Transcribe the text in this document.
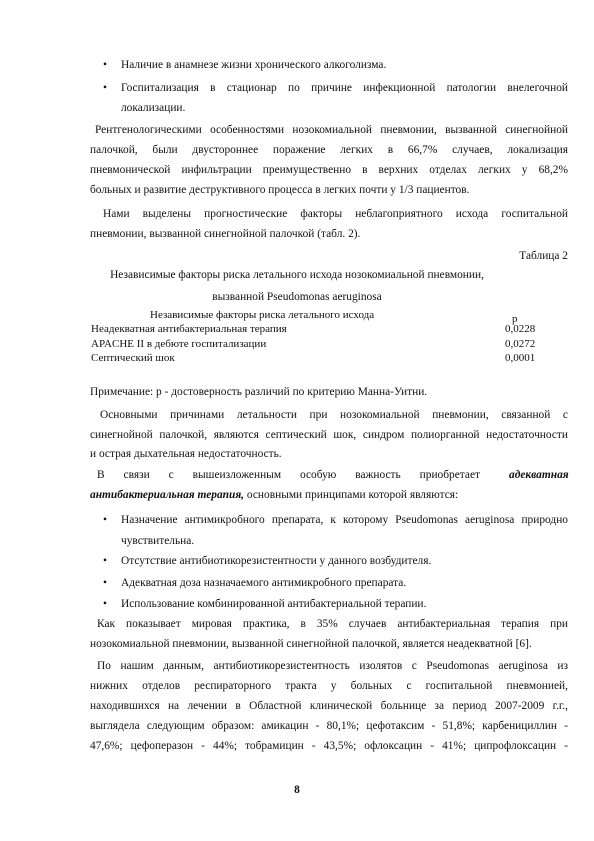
• Наличие в анамнезе жизни хронического алкоголизма.
• Госпитализация в стационар по причине инфекционной патологии внелегочной
локализации.
Рентгенологическими особенностями нозокомиальной пневмонии, вызванной синегнойной
палочкой, были двустороннее поражение легких в 66,7% случаев, локализация
пневмонической инфильтрации преимущественно в верхних отделах легких у 68,2%
больных и развитие деструктивного процесса в легких почти у 1/3 пациентов.
Нами выделены прогностические факторы неблагоприятного исхода госпитальной
пневмонии, вызванной синегнойной палочкой (табл. 2).
Таблица 2
Независимые факторы риска летального исхода нозокомиальной пневмонии,
вызванной Pseudomonas aeruginosa
Независимые факторы риска летального исхода	p
Неадекватная антибактериальная терапия	0,0228
APACHE II в дебюте госпитализации	0,0272
Септический шок	0,0001
Примечание: р - достоверность различий по критерию Манна-Уитни.
Основными причинами летальности при нозокомиальной пневмонии, связанной с
синегнойной палочкой, являются септический шок, синдром полиорганной недостаточности
и острая дыхательная недостаточность.
В связи с вышеизложенным особую важность приобретает	адекватная
антибактериальная терапия, основными принципами которой являются:
• Назначение антимикробного препарата, к которому Pseudomonas aeruginosa природно
чувствительна.
• Отсутствие антибиотикорезистентности у данного возбудителя.
• Адекватная доза назначаемого антимикробного препарата.
• Использование комбинированной антибактериальной терапии.
Как показывает мировая практика, в 35% случаев антибактериальная терапия при
нозокомиальной пневмонии, вызванной синегнойной палочкой, является неадекватной [6].
По нашим данным, антибиотикорезистентность изолятов с Pseudomonas aeruginosa из
нижних отделов респираторного тракта у больных с госпитальной пневмонией,
находившихся на лечении в Областной клинической больнице за период 2007-2009 г.г.,
выглядела следующим образом: амикацин - 80,1%; цефотаксим - 51,8%; карбенициллин -
47,6%; цефоперазон - 44%; тобрамицин - 43,5%; офлоксацин - 41%; ципрофлоксацин -
8
